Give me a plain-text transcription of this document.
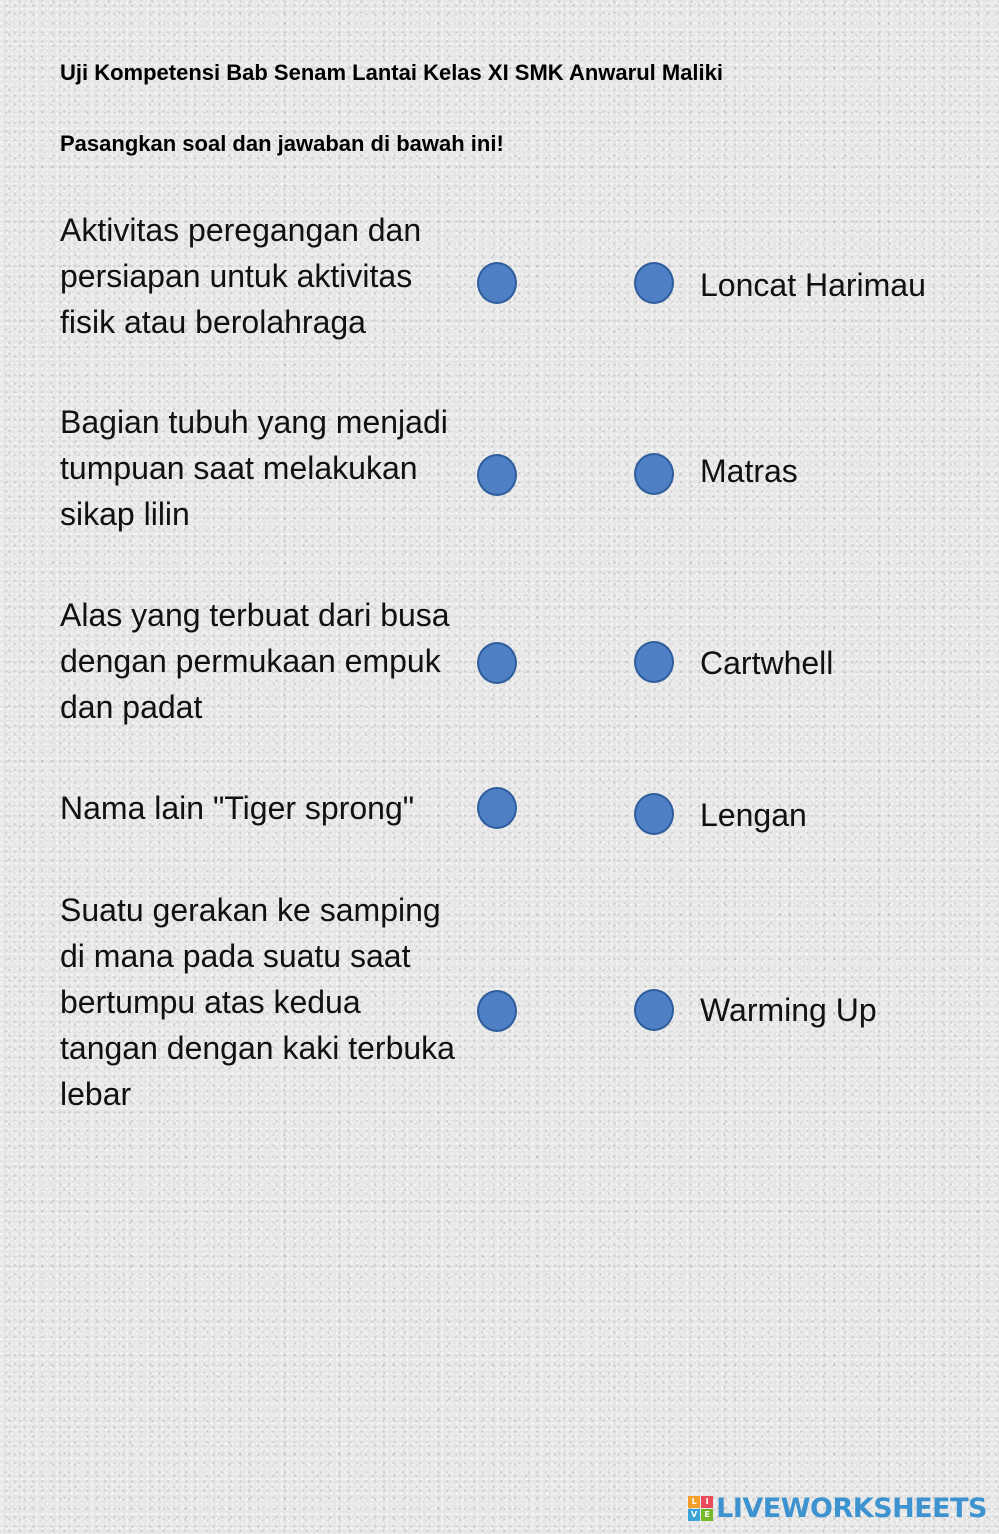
Uji Kompetensi Bab Senam Lantai Kelas XI SMK Anwarul Maliki
Pasangkan soal dan jawaban di bawah ini!
Aktivitas peregangan dan persiapan untuk aktivitas fisik atau berolahraga
Loncat Harimau
Bagian tubuh yang menjadi tumpuan saat melakukan sikap lilin
Matras
Alas yang terbuat dari busa dengan permukaan empuk dan padat
Cartwhell
Nama lain "Tiger sprong"	Lengan
Suatu gerakan ke samping di mana pada suatu saat bertumpu atas kedua tangan dengan kaki terbuka lebar
Warming Up
L	I
V E LIVEWORKSHEETS
